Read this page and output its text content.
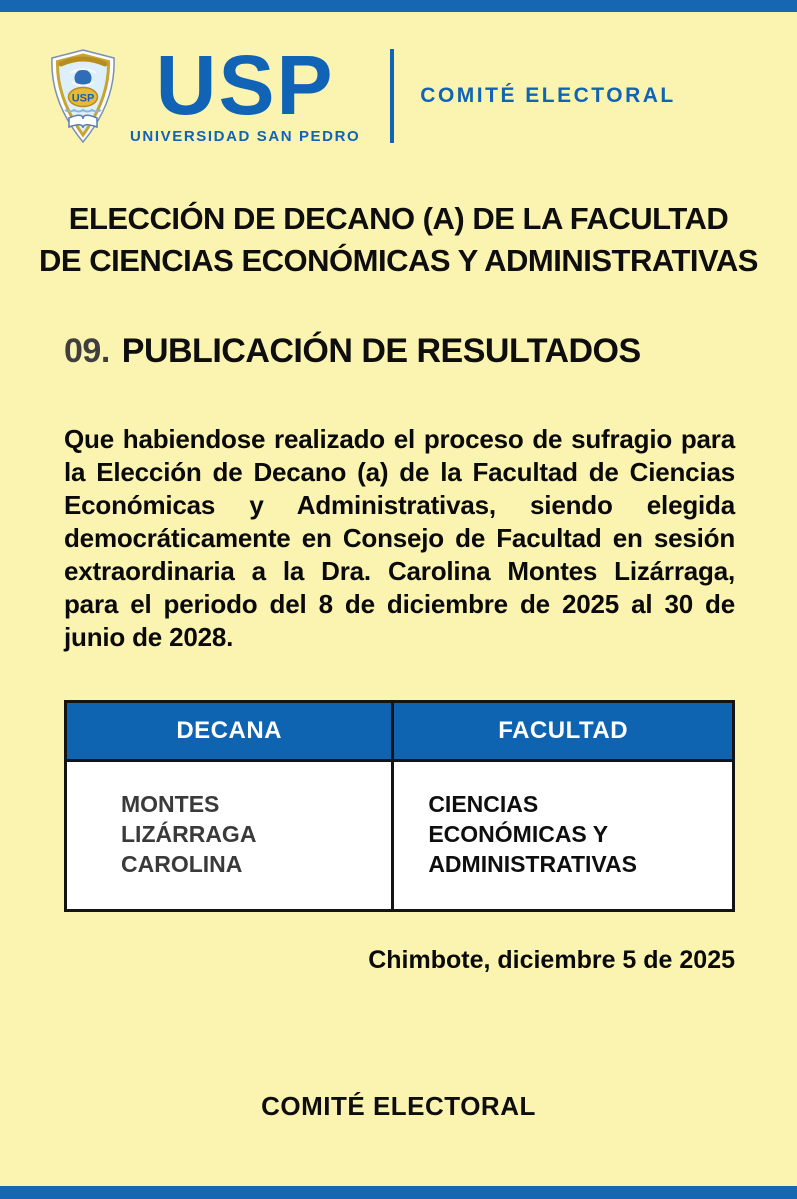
USP USP
UNIVERSIDAD SAN PEDRO
COMITÉ ELECTORAL
ELECCIÓN DE DECANO (A) DE LA FACULTAD
DE CIENCIAS ECONÓMICAS Y ADMINISTRATIVAS
09. PUBLICACIÓN DE RESULTADOS
Que habiendose realizado el proceso de sufragio para la Elección de Decano (a) de la Facultad de Ciencias Económicas y Administrativas, siendo elegida democráticamente en Consejo de Facultad en sesión extraordinaria a la Dra. Carolina Montes Lizárraga, para el periodo del 8 de diciembre de 2025 al 30 de junio de 2028.
DECANA	FACULTAD
MONTES LIZÁRRAGA CAROLINA	CIENCIAS ECONÓMICAS Y ADMINISTRATIVAS
Chimbote, diciembre 5 de 2025
COMITÉ ELECTORAL
